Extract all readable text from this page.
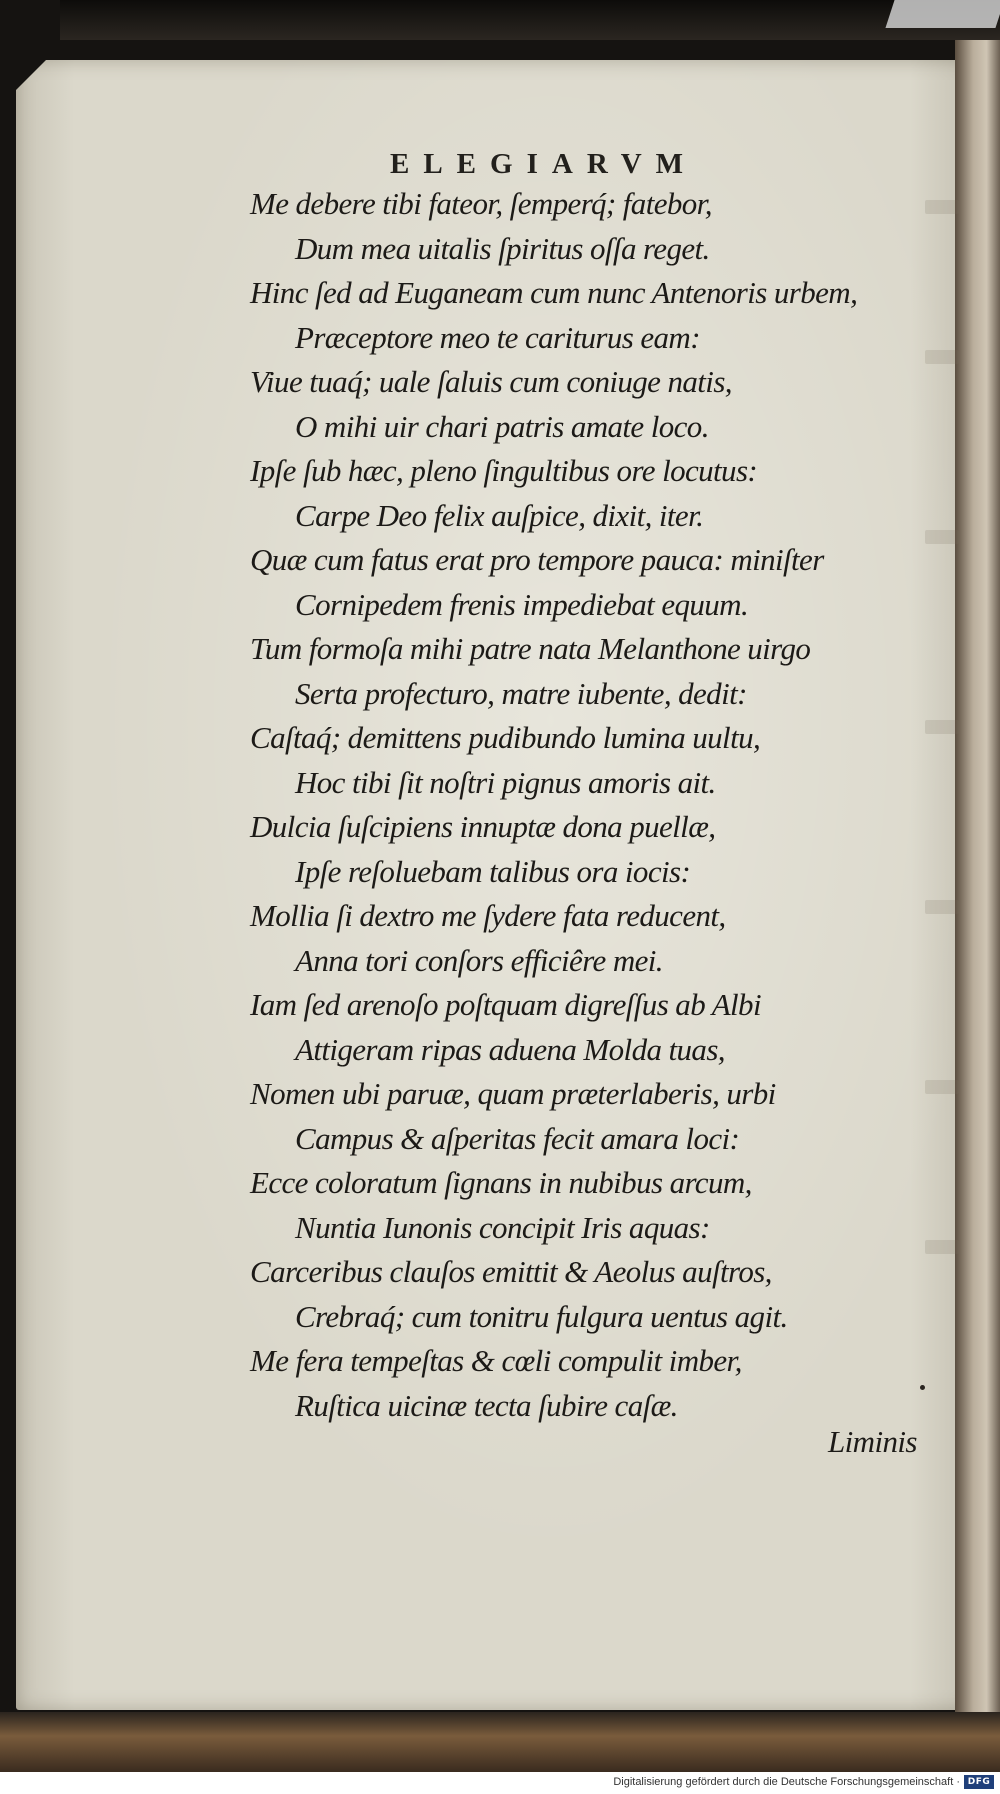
ELEGIARVM
Me debere tibi fateor, ſemperq́; fatebor,
Dum mea uitalis ſpiritus oſſa reget.
Hinc ſed ad Euganeam cum nunc Antenoris urbem,
Præceptore meo te cariturus eam:
Viue tuaq́; uale ſaluis cum coniuge natis,
O mihi uir chari patris amate loco.
Ipſe ſub hæc, pleno ſingultibus ore locutus:
Carpe Deo felix auſpice, dixit, iter.
Quæ cum fatus erat pro tempore pauca: miniſter
Cornipedem frenis impediebat equum.
Tum formoſa mihi patre nata Melanthone uirgo
Serta profecturo, matre iubente, dedit:
Caſtaq́; demittens pudibundo lumina uultu,
Hoc tibi ſit noſtri pignus amoris ait.
Dulcia ſuſcipiens innuptæ dona puellæ,
Ipſe reſoluebam talibus ora iocis:
Mollia ſi dextro me ſydere fata reducent,
Anna tori conſors efficiêre mei.
Iam ſed arenoſo poſtquam digreſſus ab Albi
Attigeram ripas aduena Molda tuas,
Nomen ubi paruæ, quam præterlaberis, urbi
Campus & aſperitas fecit amara loci:
Ecce coloratum ſignans in nubibus arcum,
Nuntia Iunonis concipit Iris aquas:
Carceribus clauſos emittit & Aeolus auſtros,
Crebraq́; cum tonitru fulgura uentus agit.
Me fera tempeſtas & cœli compulit imber,
Ruſtica uicinæ tecta ſubire caſæ.
Liminis
Digitalisierung gefördert durch die Deutsche Forschungsgemeinschaft · DFG
